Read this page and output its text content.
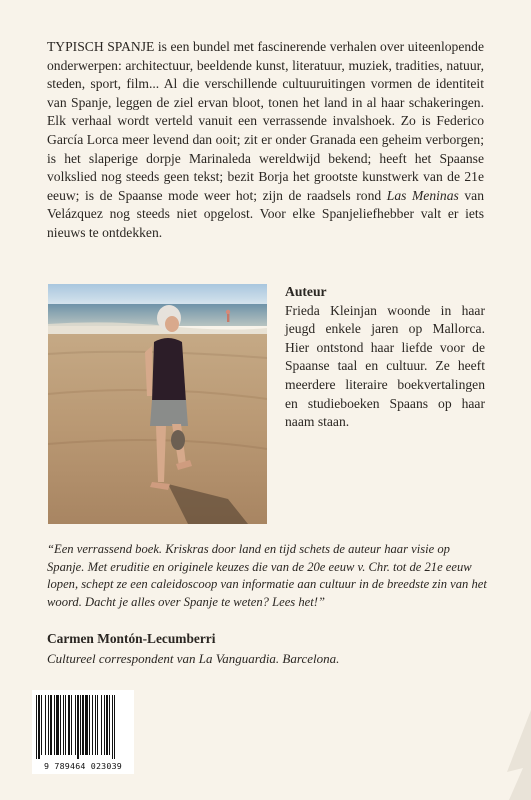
TYPISCH SPANJE is een bundel met fascinerende verhalen over uiteenlopende onderwerpen: architectuur, beeldende kunst, literatuur, muziek, tradities, natuur, steden, sport, film... Al die verschillende cultuuruitingen vormen de identiteit van Spanje, leggen de ziel ervan bloot, tonen het land in al haar schakeringen. Elk verhaal wordt verteld vanuit een verrassende invalshoek. Zo is Federico García Lorca meer levend dan ooit; zit er onder Granada een geheim verborgen; is het slaperige dorpje Marinaleda wereldwijd bekend; heeft het Spaanse volkslied nog steeds geen tekst; bezit Borja het grootste kunstwerk van de 21e eeuw; is de Spaanse mode weer hot; zijn de raadsels rond Las Meninas van Velázquez nog steeds niet opgelost. Voor elke Spanjeliefhebber valt er iets nieuws te ontdekken.
Auteur
Frieda Kleinjan woonde in haar jeugd enkele jaren op Mallorca. Hier ontstond haar liefde voor de Spaanse taal en cultuur. Ze heeft meerdere literaire boekvertalingen en studieboeken Spaans op haar naam staan.
“Een verrassend boek. Kriskras door land en tijd schets de auteur haar visie op Spanje. Met eruditie en originele keuzes die van de 20e eeuw v. Chr. tot de 21e eeuw lopen, schept ze een caleidoscoop van informatie aan cultuur in de breedste zin van het woord. Dacht je alles over Spanje te weten? Lees het!”
Carmen Montón-Lecumberri
Cultureel correspondent van La Vanguardia. Barcelona.
9 789464 023039
